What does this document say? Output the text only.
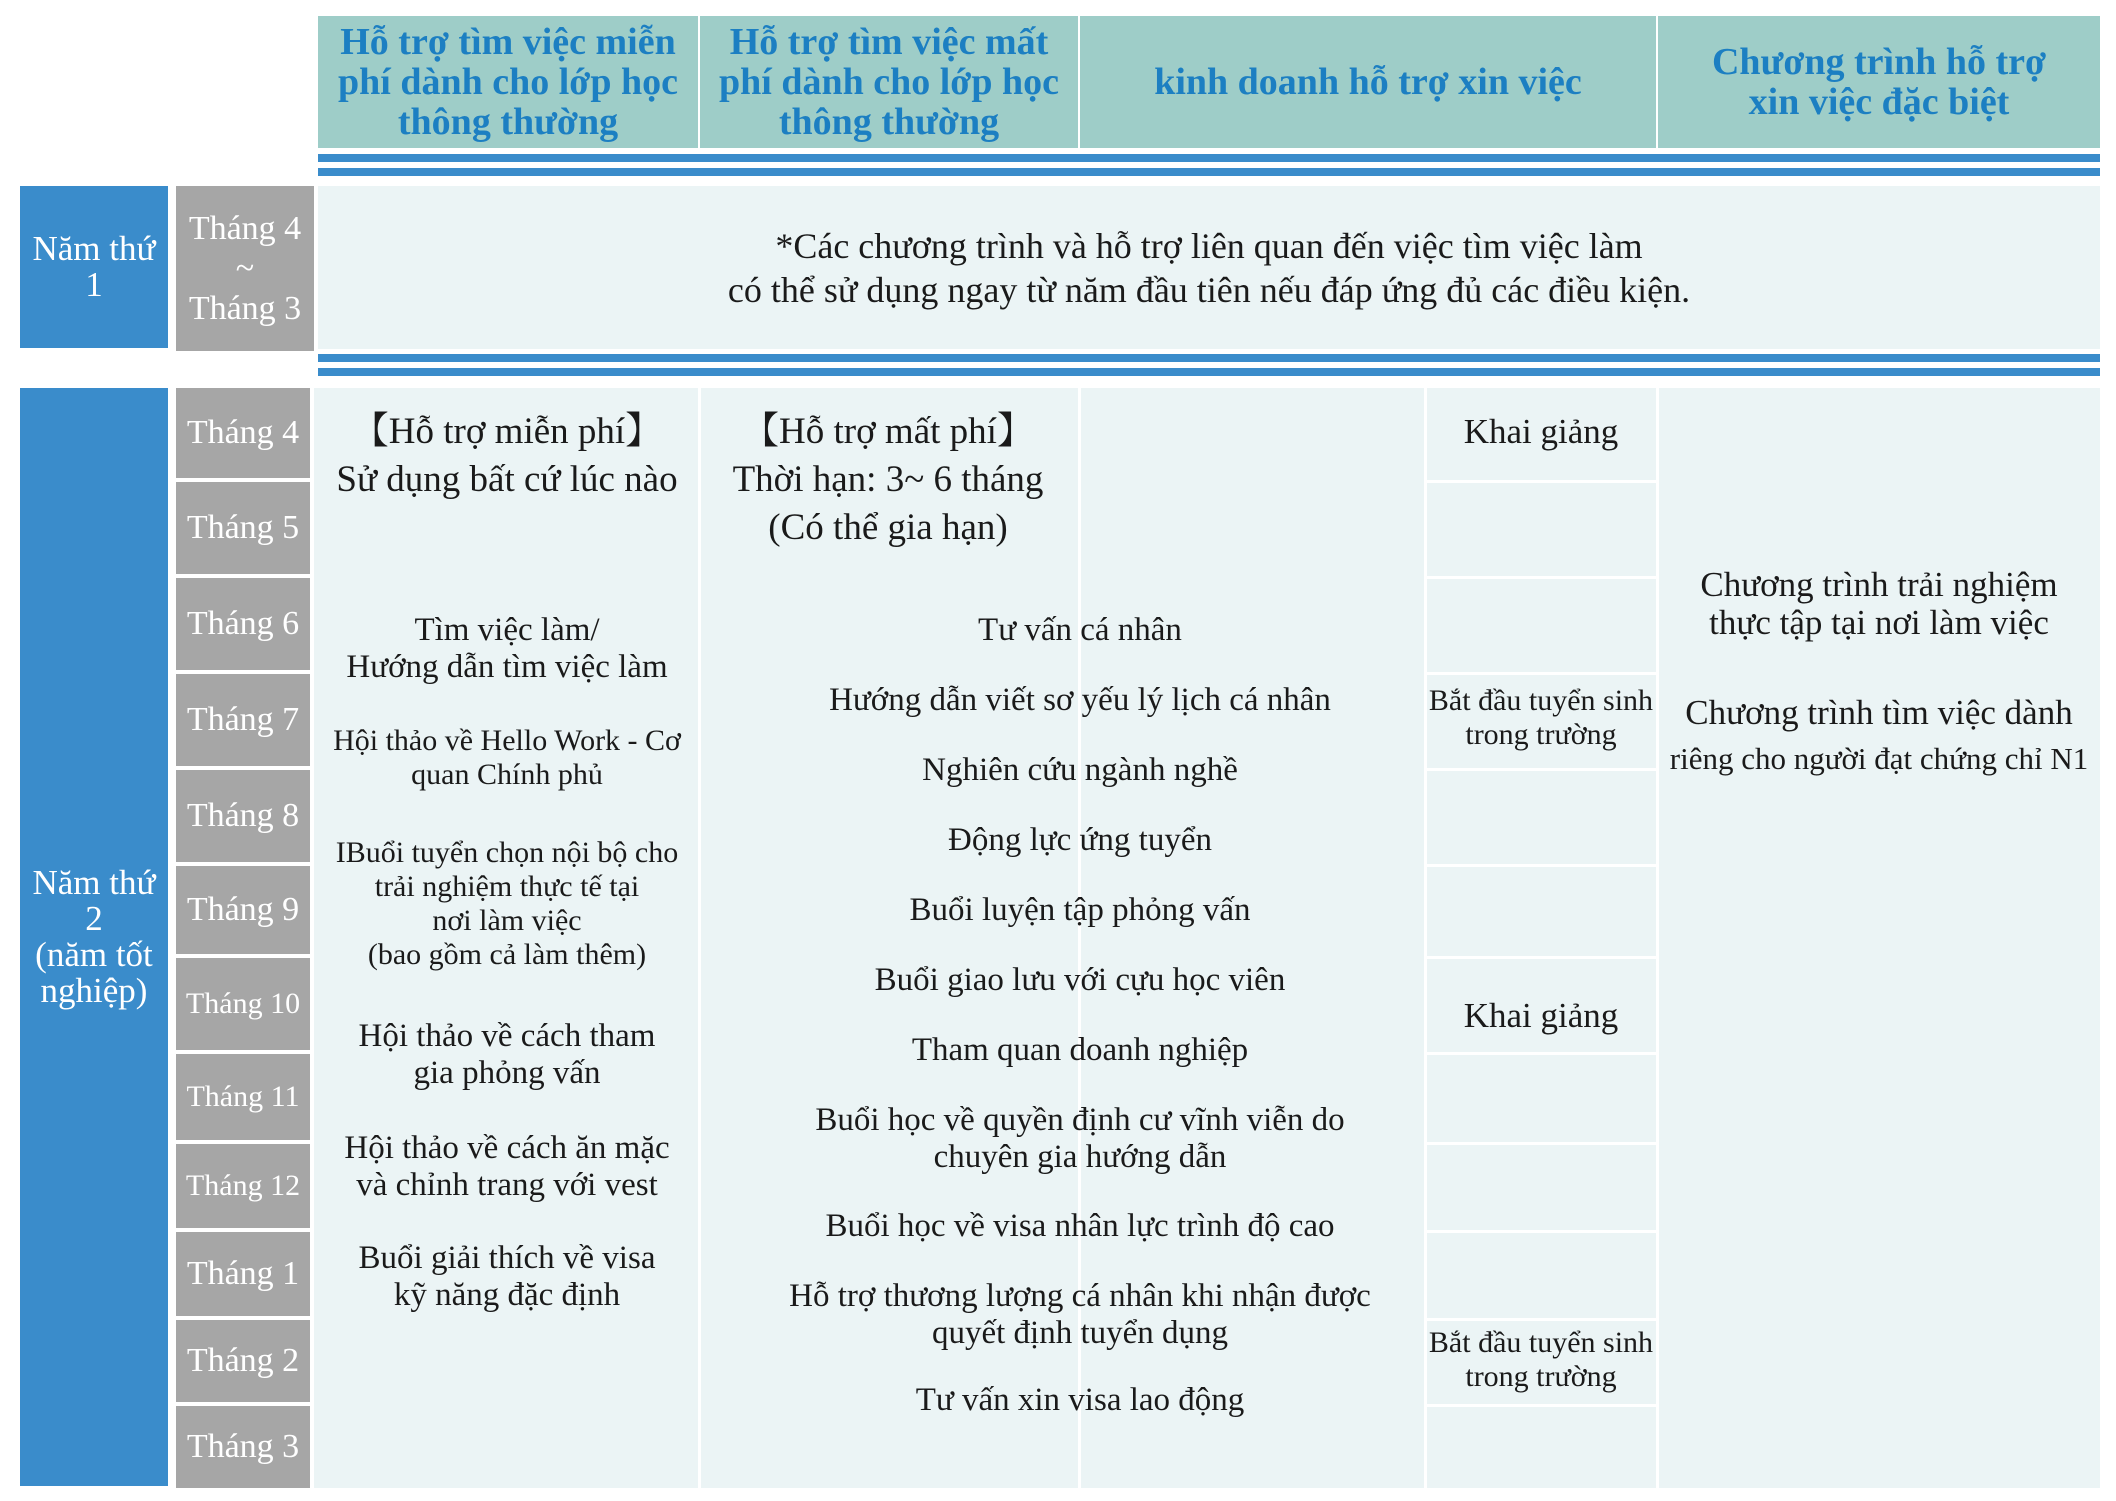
Hỗ trợ tìm việc miễn
phí dành cho lớp học
thông thường
Hỗ trợ tìm việc mất
phí dành cho lớp học
thông thường
kinh doanh hỗ trợ xin việc	Chương trình hỗ trợ
xin việc đặc biệt
Năm thứ
1
Tháng 4
~
Tháng 3
*Các chương trình và hỗ trợ liên quan đến việc tìm việc làm
có thể sử dụng ngay từ năm đầu tiên nếu đáp ứng đủ các điều kiện.
Năm thứ
2
(năm tốt
nghiệp)
Tháng 4
Tháng 5
Tháng 6
Tháng 7
Tháng 8
Tháng 9
Tháng 10
Tháng 11
Tháng 12
Tháng 1
Tháng 2
Tháng 3
【Hỗ trợ miễn phí】
Sử dụng bất cứ lúc nào
Tìm việc làm/
Hướng dẫn tìm việc làm
Hội thảo về Hello Work - Cơ
quan Chính phủ
IBuổi tuyển chọn nội bộ cho
trải nghiệm thực tế tại
nơi làm việc
(bao gồm cả làm thêm)
Hội thảo về cách tham
gia phỏng vấn
Hội thảo về cách ăn mặc
và chỉnh trang với vest
Buổi giải thích về visa
kỹ năng đặc định
【Hỗ trợ mất phí】
Thời hạn: 3~ 6 tháng
(Có thể gia hạn)
Tư vấn cá nhân
Hướng dẫn viết sơ yếu lý lịch cá nhân
Nghiên cứu ngành nghề
Động lực ứng tuyển
Buổi luyện tập phỏng vấn
Buổi giao lưu với cựu học viên
Tham quan doanh nghiệp
Buổi học về quyền định cư vĩnh viễn do
chuyên gia hướng dẫn
Buổi học về visa nhân lực trình độ cao
Hỗ trợ thương lượng cá nhân khi nhận được
quyết định tuyển dụng
Tư vấn xin visa lao động
Khai giảng
Bắt đầu tuyển sinh
trong trường
Khai giảng
Bắt đầu tuyển sinh
trong trường
Chương trình trải nghiệm
thực tập tại nơi làm việc
Chương trình tìm việc dành
riêng cho người đạt chứng chỉ N1
